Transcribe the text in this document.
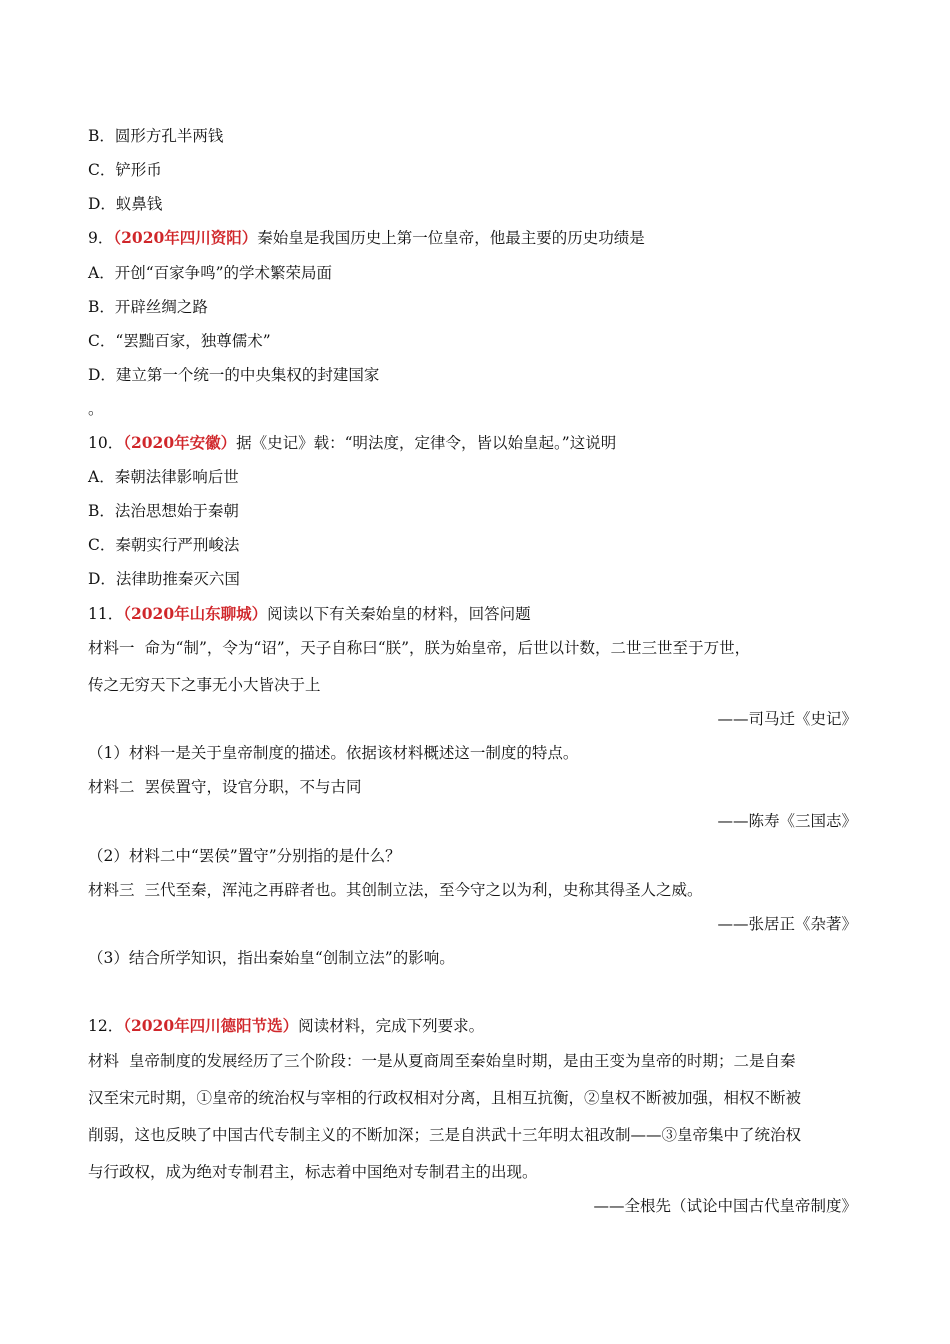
B．圆形方孔半两钱
C．铲形币
D．蚁鼻钱
9．（2020年四川资阳）秦始皇是我国历史上第一位皇帝，他最主要的历史功绩是
A．开创“百家争鸣”的学术繁荣局面
B．开辟丝绸之路
C．“罢黜百家，独尊儒术”
D．建立第一个统一的中央集权的封建国家
。
10．（2020年安徽）据《史记》载：“明法度，定律令，皆以始皇起。”这说明
A．秦朝法律影响后世
B．法治思想始于秦朝
C．秦朝实行严刑峻法
D．法律助推秦灭六国
11．（2020年山东聊城）阅读以下有关秦始皇的材料，回答问题
材料一 命为“制”，令为“诏”，天子自称曰“朕”，朕为始皇帝，后世以计数，二世三世至于万世，
传之无穷天下之事无小大皆决于上
——司马迁《史记》
（1）材料一是关于皇帝制度的描述。依据该材料概述这一制度的特点。
材料二 罢侯置守，设官分职，不与古同
——陈寿《三国志》
（2）材料二中“罢侯”置守”分别指的是什么？
材料三 三代至秦，浑沌之再辟者也。其创制立法，至今守之以为利，史称其得圣人之威。
——张居正《杂著》
（3）结合所学知识，指出秦始皇“创制立法”的影响。
12．（2020年四川德阳节选）阅读材料，完成下列要求。
材料 皇帝制度的发展经历了三个阶段：一是从夏商周至秦始皇时期，是由王变为皇帝的时期；二是自秦
汉至宋元时期，①皇帝的统治权与宰相的行政权相对分离，且相互抗衡，②皇权不断被加强，相权不断被
削弱，这也反映了中国古代专制主义的不断加深；三是自洪武十三年明太祖改制——③皇帝集中了统治权
与行政权，成为绝对专制君主，标志着中国绝对专制君主的出现。
——全根先（试论中国古代皇帝制度》
